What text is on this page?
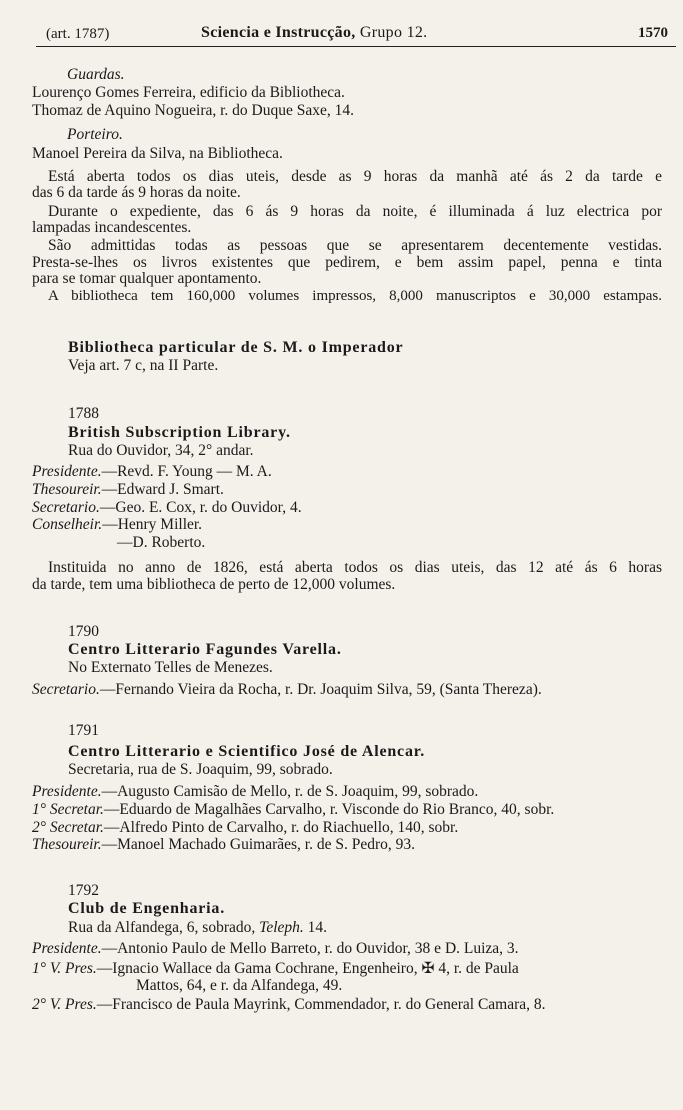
(art. 1787)	Sciencia e Instrucção, Grupo 12.	1570
Guardas.
Lourenço Gomes Ferreira, edificio da Bibliotheca.
Thomaz de Aquino Nogueira, r. do Duque Saxe, 14.
Porteiro.
Manoel Pereira da Silva, na Bibliotheca.
Está aberta todos os dias uteis, desde as 9 horas da manhã até ás 2 da tarde e
das 6 da tarde ás 9 horas da noite.
Durante o expediente, das 6 ás 9 horas da noite, é illuminada á luz electrica por
lampadas incandescentes.
São admittidas todas as pessoas que se apresentarem decentemente vestidas.
Presta-se-lhes os livros existentes que pedirem, e bem assim papel, penna e tinta
para se tomar qualquer apontamento.
A bibliotheca tem 160,000 volumes impressos, 8,000 manuscriptos e 30,000 estampas.
Bibliotheca particular de S. M. o Imperador
Veja art. 7 c, na II Parte.
1788
British Subscription Library.
Rua do Ouvidor, 34, 2° andar.
Presidente.—Revd. F. Young — M. A.
Thesoureir.—Edward J. Smart.
Secretario.—Geo. E. Cox, r. do Ouvidor, 4.
Conselheir.—Henry Miller.
—D. Roberto.
Instituida no anno de 1826, está aberta todos os dias uteis, das 12 até ás 6 horas
da tarde, tem uma bibliotheca de perto de 12,000 volumes.
1790
Centro Litterario Fagundes Varella.
No Externato Telles de Menezes.
Secretario.—Fernando Vieira da Rocha, r. Dr. Joaquim Silva, 59, (Santa Thereza).
1791
Centro Litterario e Scientifico José de Alencar.
Secretaria, rua de S. Joaquim, 99, sobrado.
Presidente.—Augusto Camisão de Mello, r. de S. Joaquim, 99, sobrado.
1° Secretar.—Eduardo de Magalhães Carvalho, r. Visconde do Rio Branco, 40, sobr.
2° Secretar.—Alfredo Pinto de Carvalho, r. do Riachuello, 140, sobr.
Thesoureir.—Manoel Machado Guimarães, r. de S. Pedro, 93.
1792
Club de Engenharia.
Rua da Alfandega, 6, sobrado, Teleph. 14.
Presidente.—Antonio Paulo de Mello Barreto, r. do Ouvidor, 38 e D. Luiza, 3.
1° V. Pres.—Ignacio Wallace da Gama Cochrane, Engenheiro, ✠ 4, r. de Paula
Mattos, 64, e r. da Alfandega, 49.
2° V. Pres.—Francisco de Paula Mayrink, Commendador, r. do General Camara, 8.
